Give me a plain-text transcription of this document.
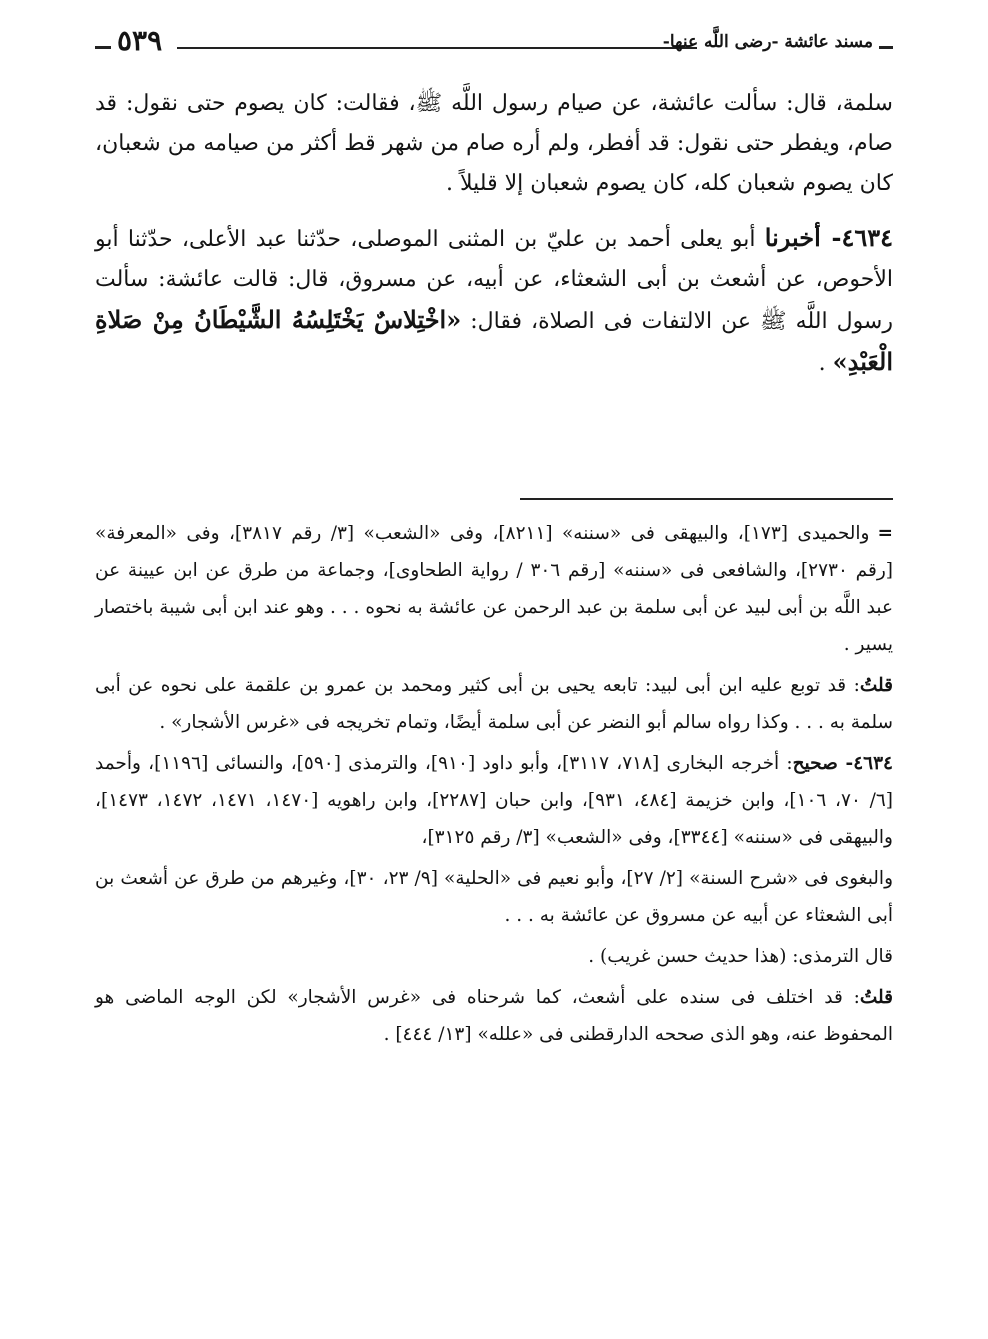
٥٣٩	مسند عائشة -رضى اللَّه عنها-

سلمة، قال: سألت عائشة، عن صيام رسول اللَّه ﷺ، فقالت: كان يصوم حتى نقول: قد صام، ويفطر حتى نقول: قد أفطر، ولم أره صام من شهر قط أكثر من صيامه من شعبان، كان يصوم شعبان كله، كان يصوم شعبان إلا قليلاً .

٤٦٣٤- أخبرنا أبو يعلى أحمد بن عليّ بن المثنى الموصلى، حدّثنا عبد الأعلى، حدّثنا أبو الأحوص، عن أشعث بن أبى الشعثاء، عن أبيه، عن مسروق، قال: قالت عائشة: سألت رسول اللَّه ﷺ عن الالتفات فى الصلاة، فقال: «اخْتِلاسٌ يَخْتَلِسُهُ الشَّيْطَانُ مِنْ صَلاةِ الْعَبْدِ» .

=والحميدى [١٧٣]، والبيهقى فى «سننه» [٨٢١١]، وفى «الشعب» [٣/ رقم ٣٨١٧]، وفى «المعرفة» [رقم ٢٧٣٠]، والشافعى فى «سننه» [رقم ٣٠٦ / رواية الطحاوى]، وجماعة من طرق عن ابن عيينة عن عبد اللَّه بن أبى لبيد عن أبى سلمة بن عبد الرحمن عن عائشة به نحوه . . . وهو عند ابن أبى شيبة باختصار يسير .

قلتُ: قد توبع عليه ابن أبى لبيد: تابعه يحيى بن أبى كثير ومحمد بن عمرو بن علقمة على نحوه عن أبى سلمة به . . . وكذا رواه سالم أبو النضر عن أبى سلمة أيضًا، وتمام تخريجه فى «غرس الأشجار» .

٤٦٣٤- صحيح: أخرجه البخارى [٧١٨، ٣١١٧]، وأبو داود [٩١٠]، والترمذى [٥٩٠]، والنسائى [١١٩٦]، وأحمد [٦/ ٧٠، ١٠٦]، وابن خزيمة [٤٨٤، ٩٣١]، وابن حبان [٢٢٨٧]، وابن راهويه [١٤٧٠، ١٤٧١، ١٤٧٢، ١٤٧٣]، والبيهقى فى «سننه» [٣٣٤٤]، وفى «الشعب» [٣/ رقم ٣١٢٥]،

والبغوى فى «شرح السنة» [٢/ ٢٧]، وأبو نعيم فى «الحلية» [٩/ ٢٣، ٣٠]، وغيرهم من طرق عن أشعث بن أبى الشعثاء عن أبيه عن مسروق عن عائشة به . . .

قال الترمذى: (هذا حديث حسن غريب) .

قلتُ: قد اختلف فى سنده على أشعث، كما شرحناه فى «غرس الأشجار» لكن الوجه الماضى هو المحفوظ عنه، وهو الذى صححه الدارقطنى فى «علله» [١٣/ ٤٤٤] .
